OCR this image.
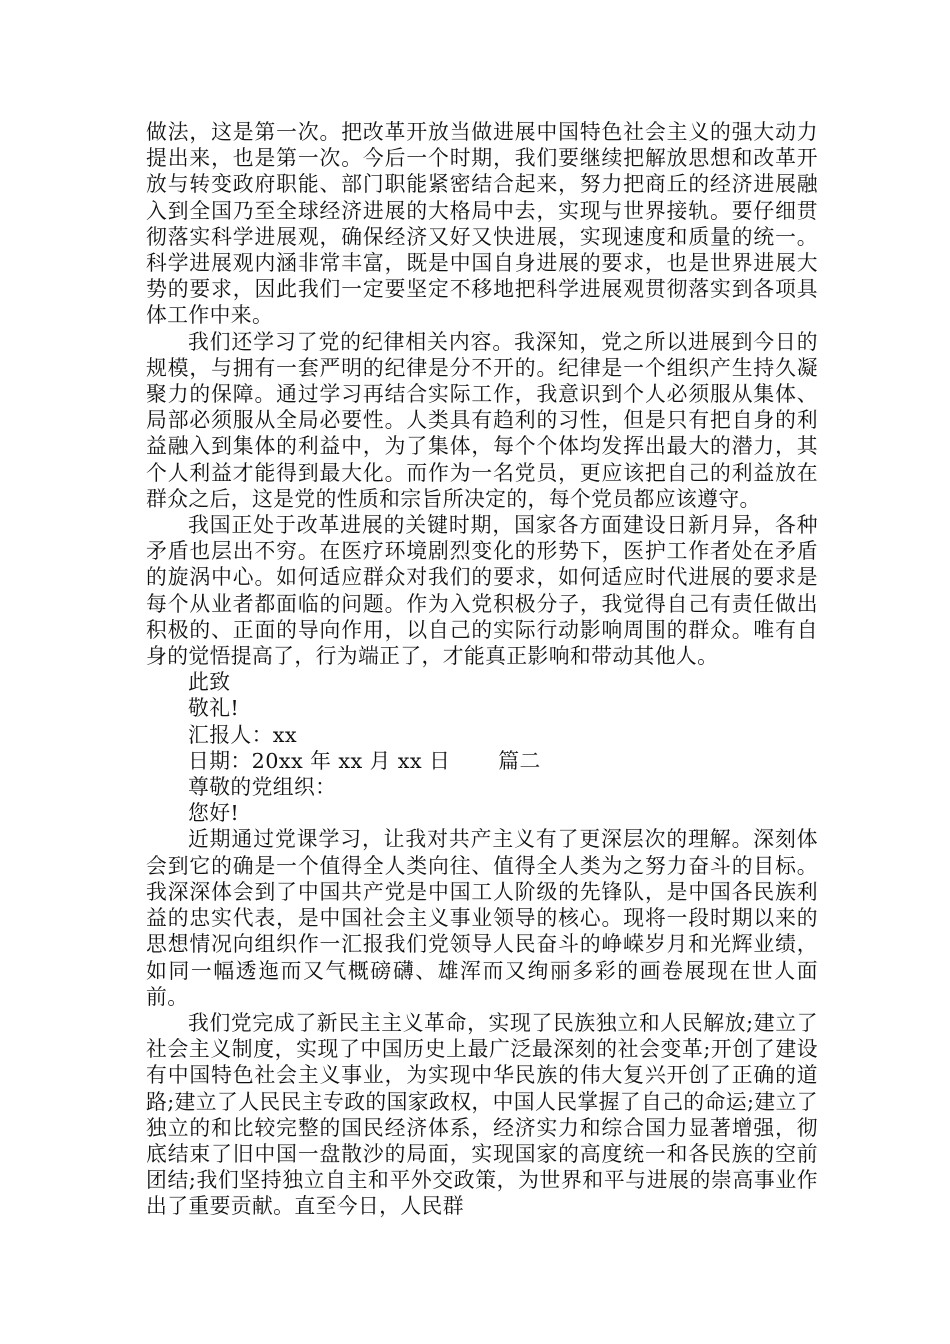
做法，这是第一次。把改革开放当做进展中国特色社会主义的强大动力提出来，也是第一次。今后一个时期，我们要继续把解放思想和改革开放与转变政府职能、部门职能紧密结合起来，努力把商丘的经济进展融入到全国乃至全球经济进展的大格局中去，实现与世界接轨。要仔细贯彻落实科学进展观，确保经济又好又快进展，实现速度和质量的统一。科学进展观内涵非常丰富，既是中国自身进展的要求，也是世界进展大势的要求，因此我们一定要坚定不移地把科学进展观贯彻落实到各项具体工作中来。

我们还学习了党的纪律相关内容。我深知，党之所以进展到今日的规模，与拥有一套严明的纪律是分不开的。纪律是一个组织产生持久凝聚力的保障。通过学习再结合实际工作，我意识到个人必须服从集体、局部必须服从全局必要性。人类具有趋利的习性，但是只有把自身的利益融入到集体的利益中，为了集体，每个个体均发挥出最大的潜力，其个人利益才能得到最大化。而作为一名党员，更应该把自己的利益放在群众之后，这是党的性质和宗旨所决定的，每个党员都应该遵守。

我国正处于改革进展的关键时期，国家各方面建设日新月异，各种矛盾也层出不穷。在医疗环境剧烈变化的形势下，医护工作者处在矛盾的旋涡中心。如何适应群众对我们的要求，如何适应时代进展的要求是每个从业者都面临的问题。作为入党积极分子，我觉得自己有责任做出积极的、正面的导向作用，以自己的实际行动影响周围的群众。唯有自身的觉悟提高了，行为端正了，才能真正影响和带动其他人。

此致

敬礼!

汇报人：xx

日期：20xx 年 xx 月 xx 日 篇二

尊敬的党组织：

您好!

近期通过党课学习，让我对共产主义有了更深层次的理解。深刻体会到它的确是一个值得全人类向往、值得全人类为之努力奋斗的目标。我深深体会到了中国共产党是中国工人阶级的先锋队，是中国各民族利益的忠实代表，是中国社会主义事业领导的核心。现将一段时期以来的思想情况向组织作一汇报我们党领导人民奋斗的峥嵘岁月和光辉业绩，如同一幅透迤而又气概磅礴、雄浑而又绚丽多彩的画卷展现在世人面前。

我们党完成了新民主主义革命，实现了民族独立和人民解放;建立了社会主义制度，实现了中国历史上最广泛最深刻的社会变革;开创了建设有中国特色社会主义事业，为实现中华民族的伟大复兴开创了正确的道路;建立了人民民主专政的国家政权，中国人民掌握了自己的命运;建立了独立的和比较完整的国民经济体系，经济实力和综合国力显著增强，彻底结束了旧中国一盘散沙的局面，实现国家的高度统一和各民族的空前团结;我们坚持独立自主和平外交政策，为世界和平与进展的崇高事业作出了重要贡献。直至今日，人民群
